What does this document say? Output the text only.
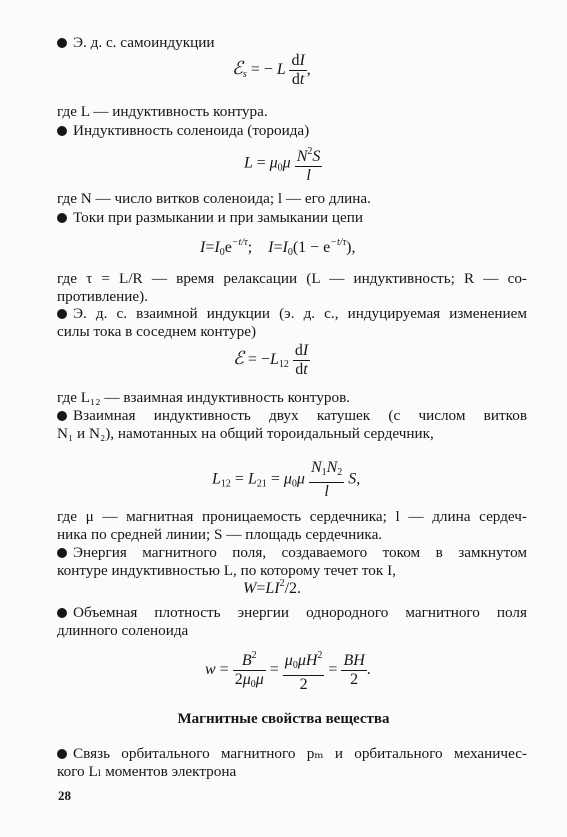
Э. д. с. самоиндукции
ℰ$_s$ = − L $\frac{dI}{dt}$ ,
где L — индуктивность контура.
Индуктивность соленоида (тороида)
$L = \mu_0\mu \frac{N^2S}{l}$
где N — число витков соленоида; l — его длина.
Токи при размыкании и при замыкании цепи
$I=I_0e^{-t/\tau}$;    $I=I_0(1 - e^{-t/\tau})$,
где τ = L/R — время релаксации (L — индуктивность; R — со-
противление).
Э. д. с. взаимной индукции (э. д. с., индуцируемая изменением
силы тока в соседнем контуре)
ℰ = $-L_{12} \frac{dI}{dt}$
где L₁₂ — взаимная индуктивность контуров.
Взаимная индуктивность двух катушек (с числом витков
N₁ и N₂), намотанных на общий тороидальный сердечник,
$L_{12} = L_{21} = \mu_0\mu \frac{N_1N_2}{l} S$,
где μ — магнитная проницаемость сердечника; l — длина сердеч-
ника по средней линии; S — площадь сердечника.
Энергия магнитного поля, создаваемого током в замкнутом
контуре индуктивностью L, по которому течет ток I,
$W=LI^2/2$.
Объемная плотность энергии однородного магнитного поля
длинного соленоида
$w = \frac{B^2}{2\mu_0\mu} = \frac{\mu_0\mu H^2}{2} = \frac{BH}{2}$ .
Магнитные свойства вещества
Связь орбитального магнитного pₘ и орбитального механичес-
кого Lₗ моментов электрона
28
